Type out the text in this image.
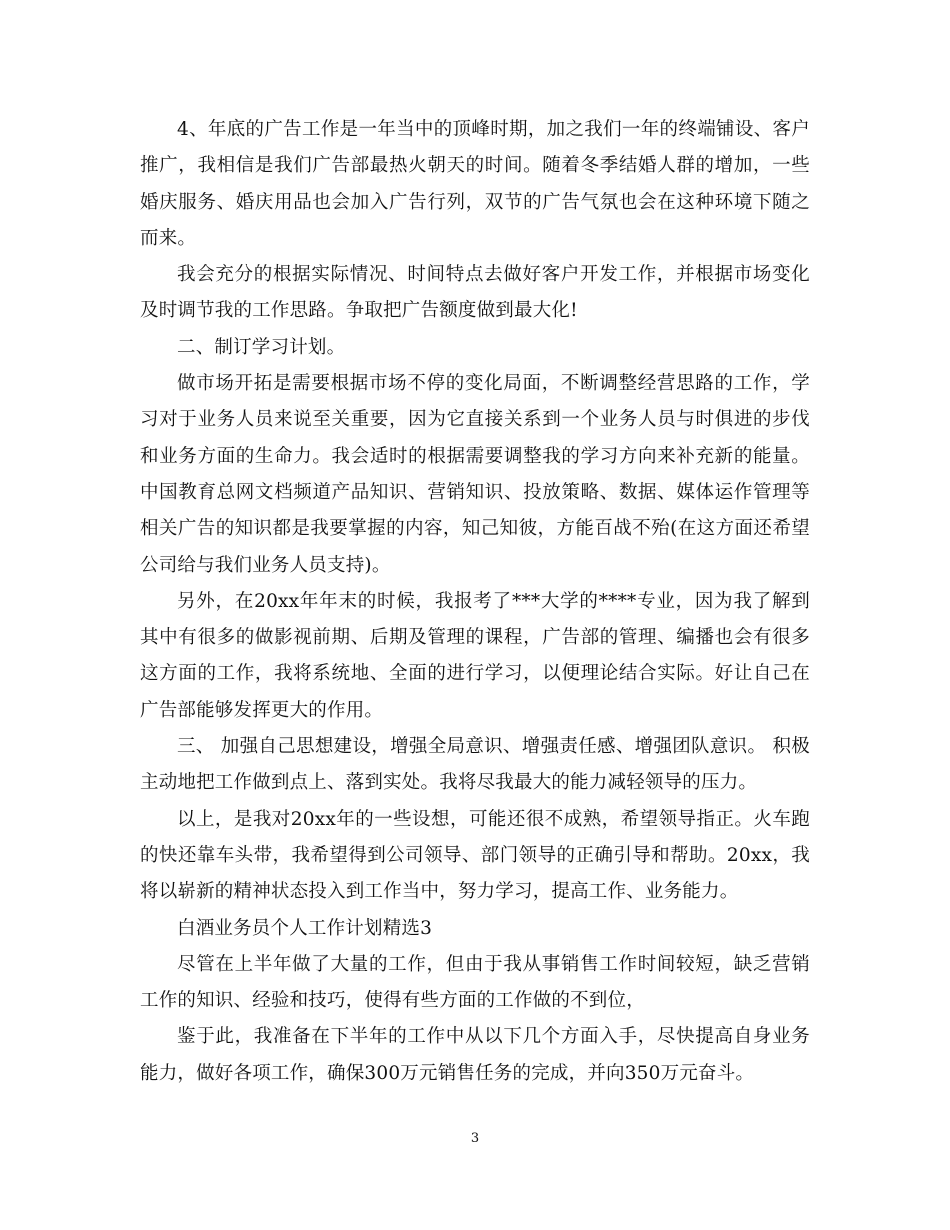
4、年底的广告工作是一年当中的顶峰时期，加之我们一年的终端铺设、客户推广，我相信是我们广告部最热火朝天的时间。随着冬季结婚人群的增加，一些婚庆服务、婚庆用品也会加入广告行列，双节的广告气氛也会在这种环境下随之而来。

我会充分的根据实际情况、时间特点去做好客户开发工作，并根据市场变化及时调节我的工作思路。争取把广告额度做到最大化!

二、制订学习计划。

做市场开拓是需要根据市场不停的变化局面，不断调整经营思路的工作，学习对于业务人员来说至关重要，因为它直接关系到一个业务人员与时俱进的步伐和业务方面的生命力。我会适时的根据需要调整我的学习方向来补充新的能量。中国教育总网文档频道产品知识、营销知识、投放策略、数据、媒体运作管理等相关广告的知识都是我要掌握的内容，知己知彼，方能百战不殆(在这方面还希望公司给与我们业务人员支持)。

另外，在20xx年年末的时候，我报考了***大学的****专业，因为我了解到其中有很多的做影视前期、后期及管理的课程，广告部的管理、编播也会有很多这方面的工作，我将系统地、全面的进行学习，以便理论结合实际。好让自己在广告部能够发挥更大的作用。

三、 加强自己思想建设，增强全局意识、增强责任感、增强团队意识。 积极主动地把工作做到点上、落到实处。我将尽我最大的能力减轻领导的压力。

以上，是我对20xx年的一些设想，可能还很不成熟，希望领导指正。火车跑的快还靠车头带，我希望得到公司领导、部门领导的正确引导和帮助。20xx，我将以崭新的精神状态投入到工作当中，努力学习，提高工作、业务能力。

白酒业务员个人工作计划精选3

尽管在上半年做了大量的工作，但由于我从事销售工作时间较短，缺乏营销工作的知识、经验和技巧，使得有些方面的工作做的不到位，

鉴于此，我准备在下半年的工作中从以下几个方面入手，尽快提高自身业务能力，做好各项工作，确保300万元销售任务的完成，并向350万元奋斗。

3
